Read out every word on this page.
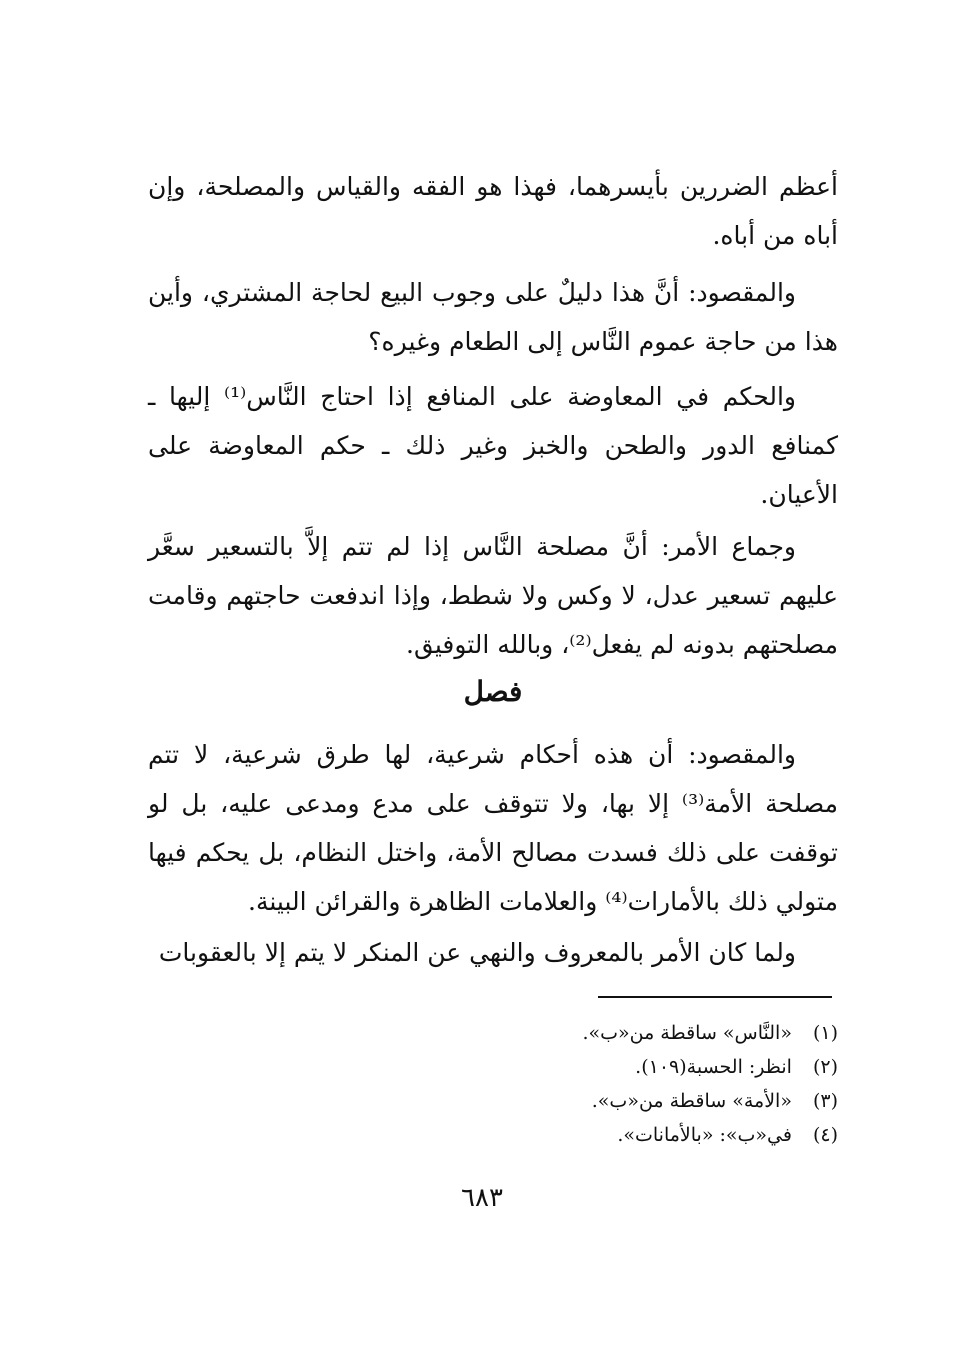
أعظم الضررين بأيسرهما، فهذا هو الفقه والقياس والمصلحة، وإن أباه من أباه.

والمقصود: أنَّ هذا دليلٌ على وجوب البيع لحاجة المشتري، وأين هذا من حاجة عموم النَّاس إلى الطعام وغيره؟

والحكم في المعاوضة على المنافع إذا احتاج النَّاس⁽¹⁾ إليها ـ كمنافع الدور والطحن والخبز وغير ذلك ـ حكم المعاوضة على الأعيان.

وجماع الأمر: أنَّ مصلحة النَّاس إذا لم تتم إلاَّ بالتسعير سعَّر عليهم تسعير عدل، لا وكس ولا شطط، وإذا اندفعت حاجتهم وقامت مصلحتهم بدونه لم يفعل⁽²⁾، وبالله التوفيق.

فصل

والمقصود: أن هذه أحكام شرعية، لها طرق شرعية، لا تتم مصلحة الأمة⁽³⁾ إلا بها، ولا تتوقف على مدع ومدعى عليه، بل لو توقفت على ذلك فسدت مصالح الأمة، واختل النظام، بل يحكم فيها متولي ذلك بالأمارات⁽⁴⁾ والعلامات الظاهرة والقرائن البينة.

ولما كان الأمر بالمعروف والنهي عن المنكر لا يتم إلا بالعقوبات

(١) «النَّاس» ساقطة من«ب».
(٢) انظر: الحسبة(١٠٩).
(٣) «الأمة» ساقطة من«ب».
(٤) في«ب»: «بالأمانات».
٦٨٣
